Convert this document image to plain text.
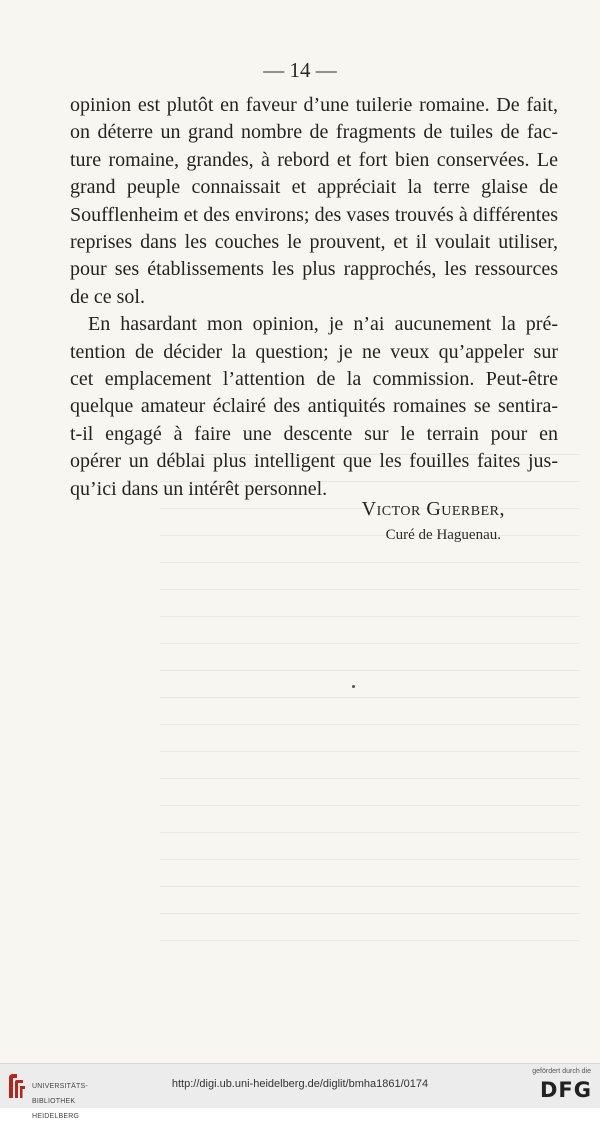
— 14 —

opinion est plutôt en faveur d’une tuilerie romaine. De fait,
on déterre un grand nombre de fragments de tuiles de fac-
ture romaine, grandes, à rebord et fort bien conservées. Le
grand peuple connaissait et appréciait la terre glaise de
Soufflenheim et des environs; des vases trouvés à différentes
reprises dans les couches le prouvent, et il voulait utiliser,
pour ses établissements les plus rapprochés, les ressources
de ce sol.

En hasardant mon opinion, je n’ai aucunement la pré-
tention de décider la question; je ne veux qu’appeler sur
cet emplacement l’attention de la commission. Peut-être
quelque amateur éclairé des antiquités romaines se sentira-
t-il engagé à faire une descente sur le terrain pour en
opérer un déblai plus intelligent que les fouilles faites jus-
qu’ici dans un intérêt personnel.

Victor Guerber,
Curé de Haguenau.

UNIVERSITÄTS-

BIBLIOTHEK

HEIDELBERG

http://digi.ub.uni-heidelberg.de/diglit/bmha1861/0174
gefördert durch die
DFG
